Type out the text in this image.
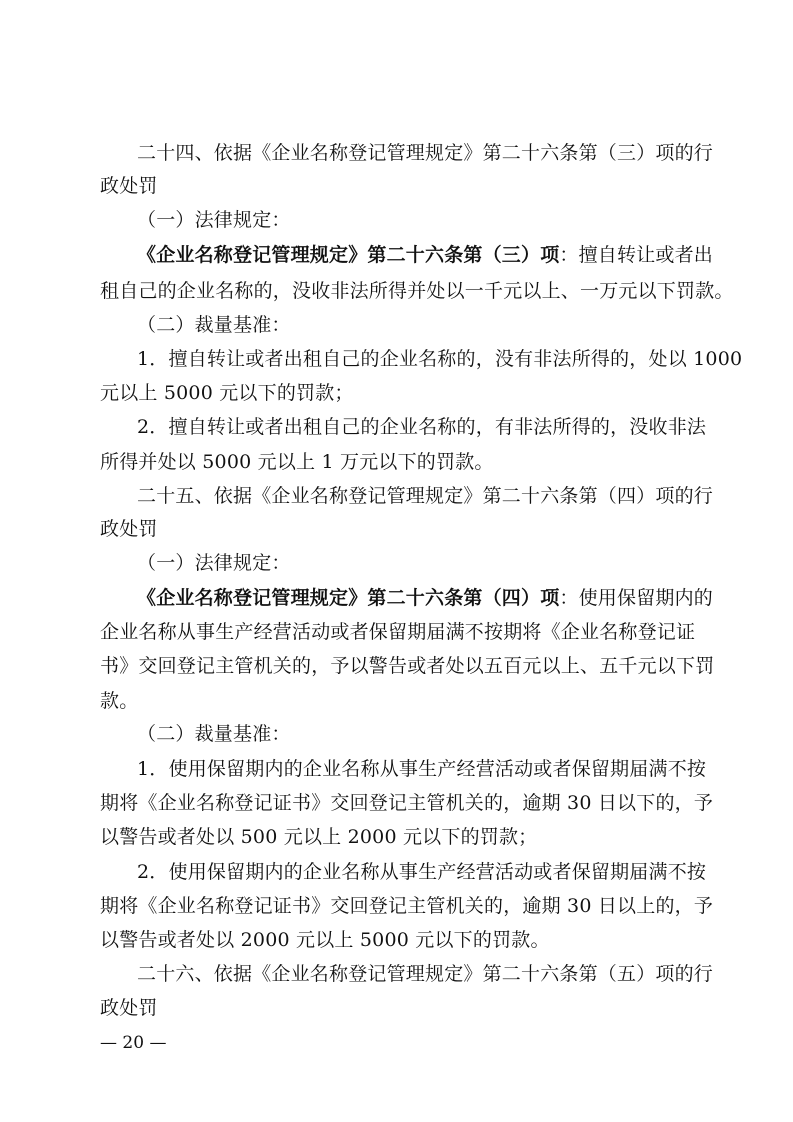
二十四、依据《企业名称登记管理规定》第二十六条第（三）项的行
政处罚
（一）法律规定：
《企业名称登记管理规定》第二十六条第（三）项：擅自转让或者出
租自己的企业名称的，没收非法所得并处以一千元以上、一万元以下罚款。
（二）裁量基准：
1．擅自转让或者出租自己的企业名称的，没有非法所得的，处以 1000
元以上 5000 元以下的罚款；
2．擅自转让或者出租自己的企业名称的，有非法所得的，没收非法
所得并处以 5000 元以上 1 万元以下的罚款。
二十五、依据《企业名称登记管理规定》第二十六条第（四）项的行
政处罚
（一）法律规定：
《企业名称登记管理规定》第二十六条第（四）项：使用保留期内的
企业名称从事生产经营活动或者保留期届满不按期将《企业名称登记证
书》交回登记主管机关的，予以警告或者处以五百元以上、五千元以下罚
款。
（二）裁量基准：
1．使用保留期内的企业名称从事生产经营活动或者保留期届满不按
期将《企业名称登记证书》交回登记主管机关的，逾期 30 日以下的，予
以警告或者处以 500 元以上 2000 元以下的罚款；
2．使用保留期内的企业名称从事生产经营活动或者保留期届满不按
期将《企业名称登记证书》交回登记主管机关的，逾期 30 日以上的，予
以警告或者处以 2000 元以上 5000 元以下的罚款。
二十六、依据《企业名称登记管理规定》第二十六条第（五）项的行
政处罚
— 20 —
